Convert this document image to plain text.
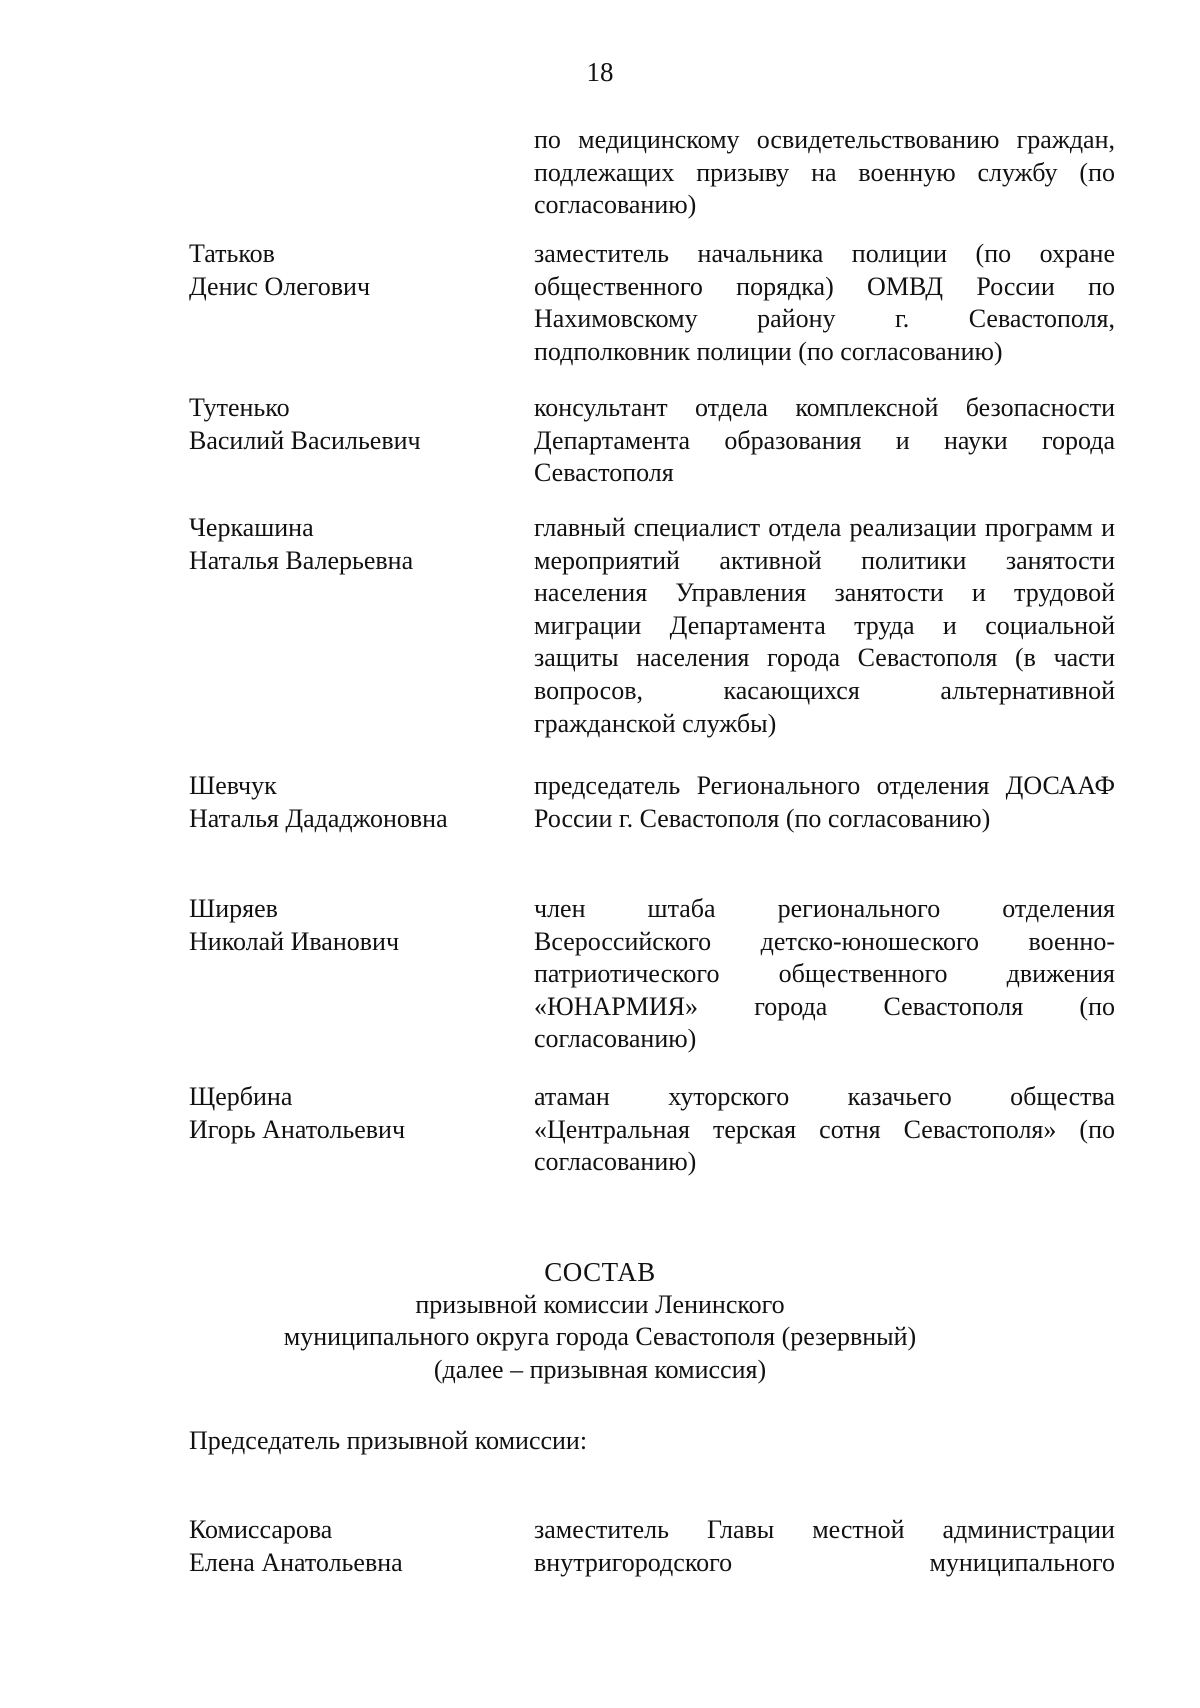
18
по медицинскому освидетельствованию граждан, подлежащих призыву на военную службу (по согласованию)
Татьков
Денис Олегович
заместитель начальника полиции (по охране общественного порядка) ОМВД России по Нахимовскому району г. Севастополя, подполковник полиции (по согласованию)
Тутенько
Василий Васильевич
консультант отдела комплексной безопасности Департамента образования и науки города Севастополя
Черкашина
Наталья Валерьевна
главный специалист отдела реализации программ и мероприятий активной политики занятости населения Управления занятости и трудовой миграции Департамента труда и социальной защиты населения города Севастополя (в части вопросов, касающихся альтернативной гражданской службы)
Шевчук
Наталья Дададжоновна
председатель Регионального отделения ДОСААФ России г. Севастополя (по согласованию)
Ширяев
Николай Иванович
член штаба регионального отделения Всероссийского детско-юношеского военно-патриотического общественного движения «ЮНАРМИЯ» города Севастополя (по согласованию)
Щербина
Игорь Анатольевич
атаман хуторского казачьего общества «Центральная терская сотня Севастополя» (по согласованию)
СОСТАВ
призывной комиссии Ленинского
муниципального округа города Севастополя (резервный)
(далее – призывная комиссия)
Председатель призывной комиссии:
Комиссарова
Елена Анатольевна
заместитель Главы местной администрации
внутригородского	муниципального
